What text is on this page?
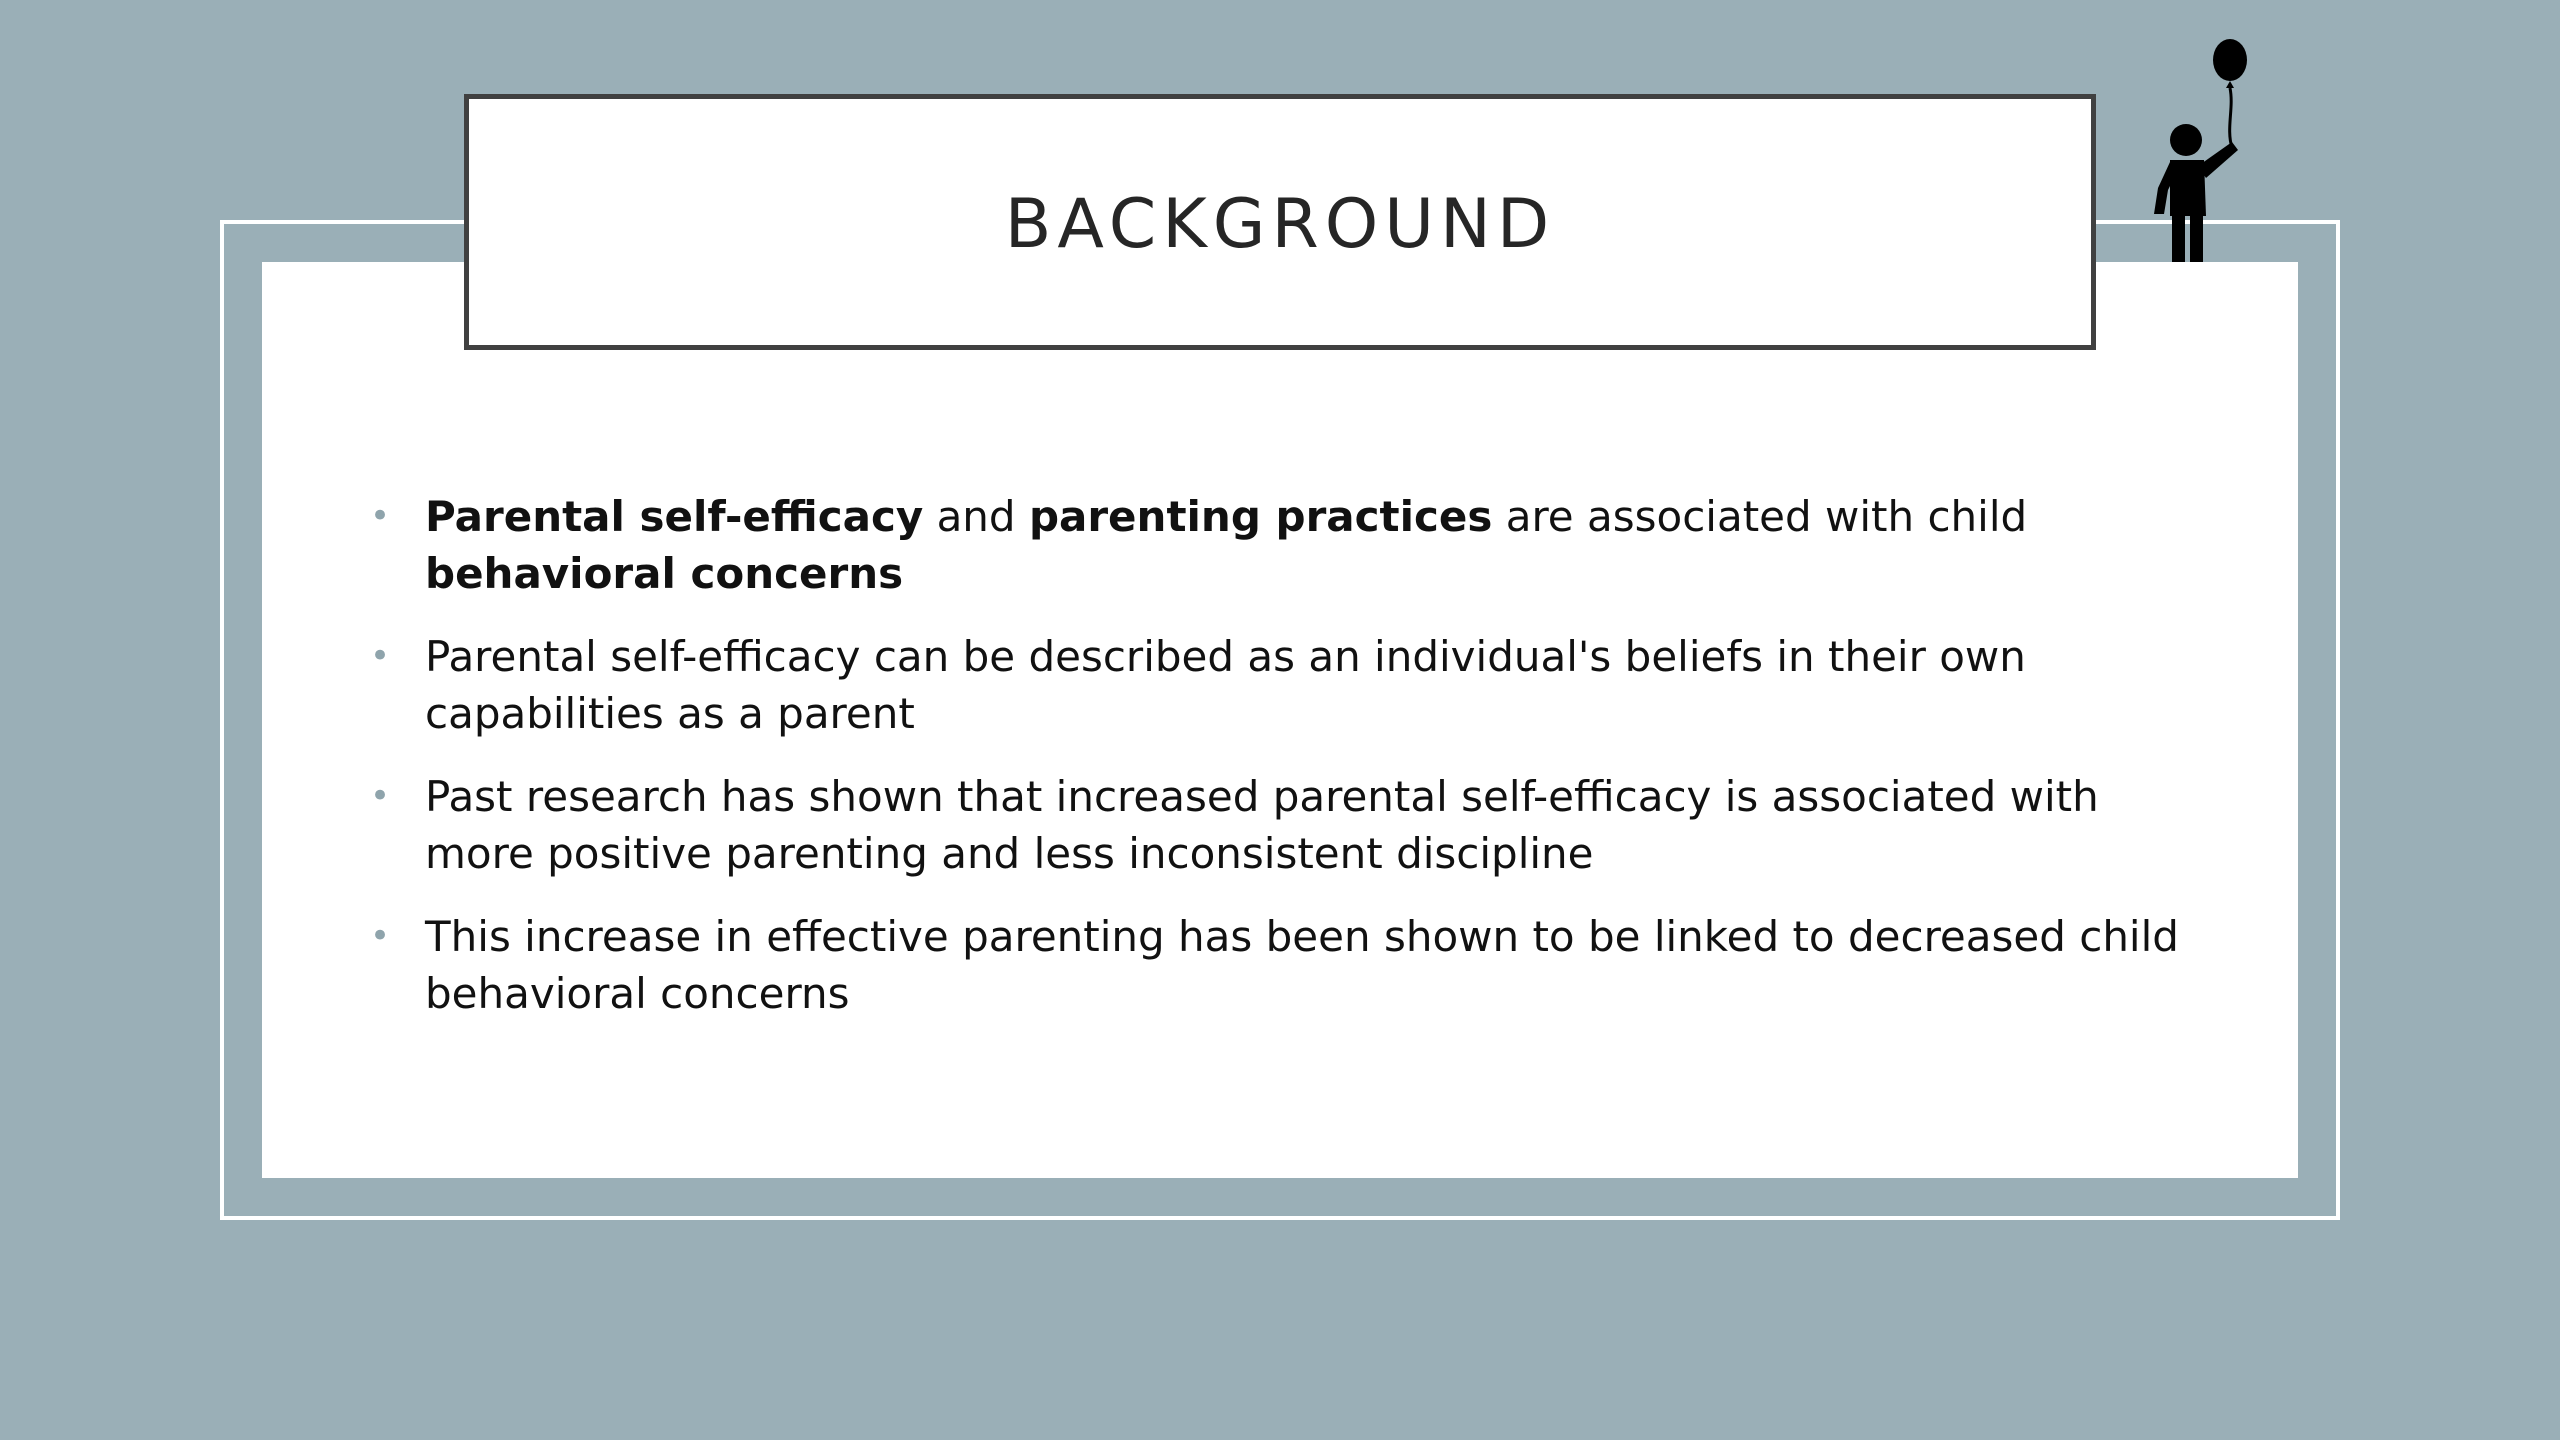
BACKGROUND
• Parental self-efficacy and parenting practices are associated with child behavioral concerns
• Parental self-efficacy can be described as an individual's beliefs in their own capabilities as a parent
• Past research has shown that increased parental self-efficacy is associated with more positive parenting and less inconsistent discipline
• This increase in effective parenting has been shown to be linked to decreased child behavioral concerns
